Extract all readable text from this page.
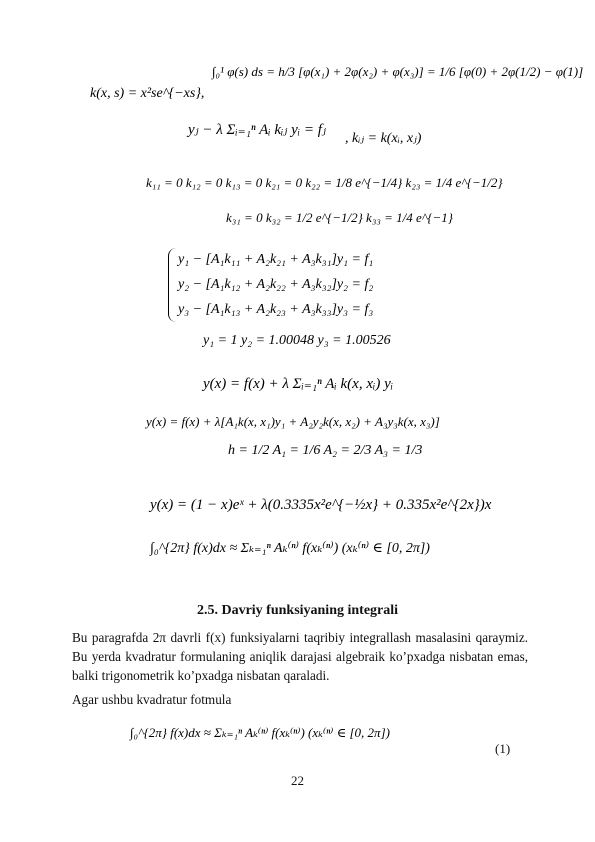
k(x, s) = x²se^{−xs},
∫₀¹ φ(s) ds = h/3 [φ(x₁) + 2φ(x₂) + φ(x₃)] = 1/6 [φ(0) + 2φ(1/2) − φ(1)]
yⱼ − λ Σᵢ₌₁ⁿ Aᵢ kᵢⱼ yᵢ = fⱼ
, kᵢⱼ = k(xᵢ, xⱼ)
k₁₁ = 0 k₁₂ = 0 k₁₃ = 0 k₂₁ = 0 k₂₂ = 1/8 e^{−1/4} k₂₃ = 1/4 e^{−1/2}
k₃₁ = 0 k₃₂ = 1/2 e^{−1/2} k₃₃ = 1/4 e^{−1}
y₁ − [A₁k₁₁ + A₂k₂₁ + A₃k₃₁]y₁ = f₁
y₂ − [A₁k₁₂ + A₂k₂₂ + A₃k₃₂]y₂ = f₂
y₃ − [A₁k₁₃ + A₂k₂₃ + A₃k₃₃]y₃ = f₃
y₁ = 1 y₂ = 1.00048 y₃ = 1.00526
y(x) = f(x) + λ Σᵢ₌₁ⁿ Aᵢ k(x, xᵢ) yᵢ
y(x) = f(x) + λ[A₁k(x, x₁)y₁ + A₂y₂k(x, x₂) + A₃y₃k(x, x₃)]
h = 1/2 A₁ = 1/6 A₂ = 2/3 A₃ = 1/3
y(x) = (1 − x)eˣ + λ(0.3335x²e^{−½x} + 0.335x²e^{2x})x
∫₀^{2π} f(x)dx ≈ Σₖ₌₁ⁿ Aₖ⁽ⁿ⁾ f(xₖ⁽ⁿ⁾) (xₖ⁽ⁿ⁾ ∈ [0, 2π])
2.5. Davriy funksiyaning integrali
Bu paragrafda 2π davrli f(x) funksiyalarni taqribiy integrallash masalasini qaraymiz. Bu yerda kvadratur formulaning aniqlik darajasi algebraik ko’pxadga nisbatan emas, balki trigonometrik ko’pxadga nisbatan qaraladi.
Agar ushbu kvadratur fotmula
∫₀^{2π} f(x)dx ≈ Σₖ₌₁ⁿ Aₖ⁽ⁿ⁾ f(xₖ⁽ⁿ⁾) (xₖ⁽ⁿ⁾ ∈ [0, 2π])
(1)
22
